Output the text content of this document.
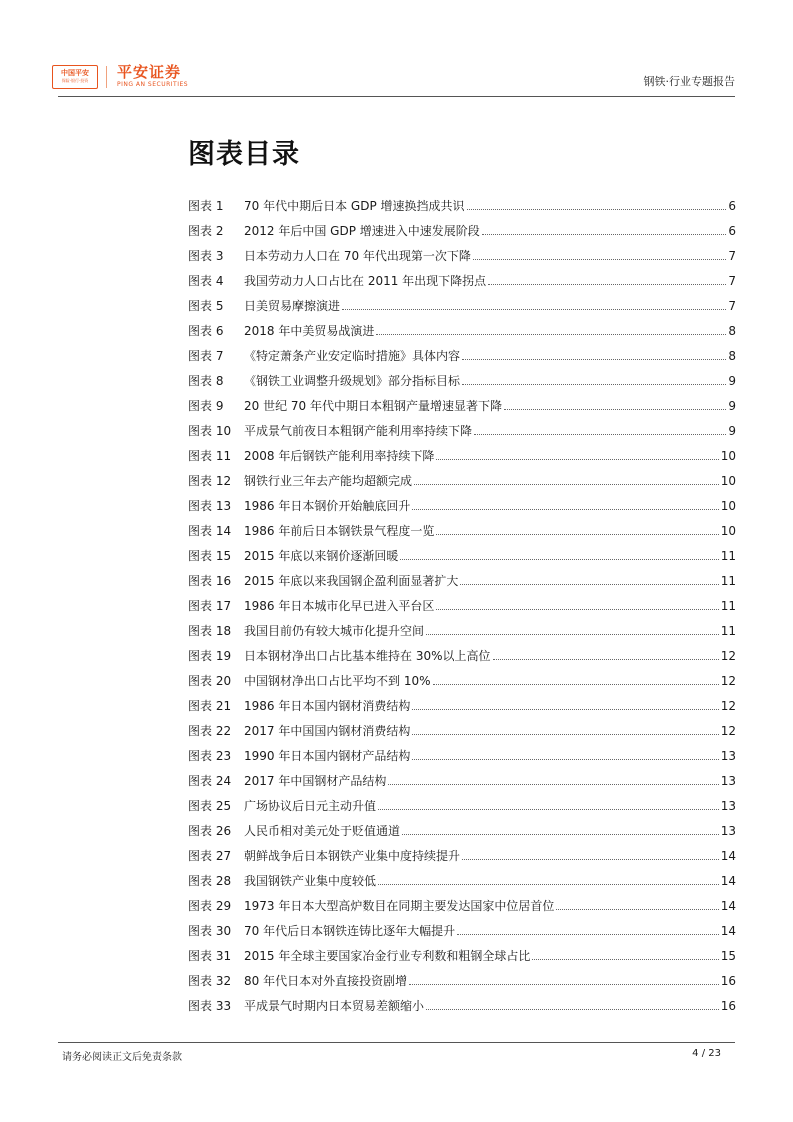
中国平安
保险·银行·投资 平安证券
PING AN SECURITIES	钢铁·行业专题报告
图表目录
图表 1	70 年代中期后日本 GDP 增速换挡成共识	6
图表 2	2012 年后中国 GDP 增速进入中速发展阶段	6
图表 3	日本劳动力人口在 70 年代出现第一次下降	7
图表 4	我国劳动力人口占比在 2011 年出现下降拐点	7
图表 5	日美贸易摩擦演进	7
图表 6	2018 年中美贸易战演进	8
图表 7	《特定萧条产业安定临时措施》具体内容	8
图表 8	《钢铁工业调整升级规划》部分指标目标	9
图表 9	20 世纪 70 年代中期日本粗钢产量增速显著下降	9
图表 10	平成景气前夜日本粗钢产能利用率持续下降	9
图表 11	2008 年后钢铁产能利用率持续下降	10
图表 12	钢铁行业三年去产能均超额完成	10
图表 13	1986 年日本钢价开始触底回升	10
图表 14	1986 年前后日本钢铁景气程度一览	10
图表 15	2015 年底以来钢价逐渐回暖	11
图表 16	2015 年底以来我国钢企盈利面显著扩大	11
图表 17	1986 年日本城市化早已进入平台区	11
图表 18	我国目前仍有较大城市化提升空间	11
图表 19	日本钢材净出口占比基本维持在 30%以上高位	12
图表 20	中国钢材净出口占比平均不到 10%	12
图表 21	1986 年日本国内钢材消费结构	12
图表 22	2017 年中国国内钢材消费结构	12
图表 23	1990 年日本国内钢材产品结构	13
图表 24	2017 年中国钢材产品结构	13
图表 25	广场协议后日元主动升值	13
图表 26	人民币相对美元处于贬值通道	13
图表 27	朝鲜战争后日本钢铁产业集中度持续提升	14
图表 28	我国钢铁产业集中度较低	14
图表 29	1973 年日本大型高炉数目在同期主要发达国家中位居首位	14
图表 30	70 年代后日本钢铁连铸比逐年大幅提升	14
图表 31	2015 年全球主要国家冶金行业专利数和粗钢全球占比	15
图表 32	80 年代日本对外直接投资剧增	16
图表 33	平成景气时期内日本贸易差额缩小	16
请务必阅读正文后免责条款	4 / 23
